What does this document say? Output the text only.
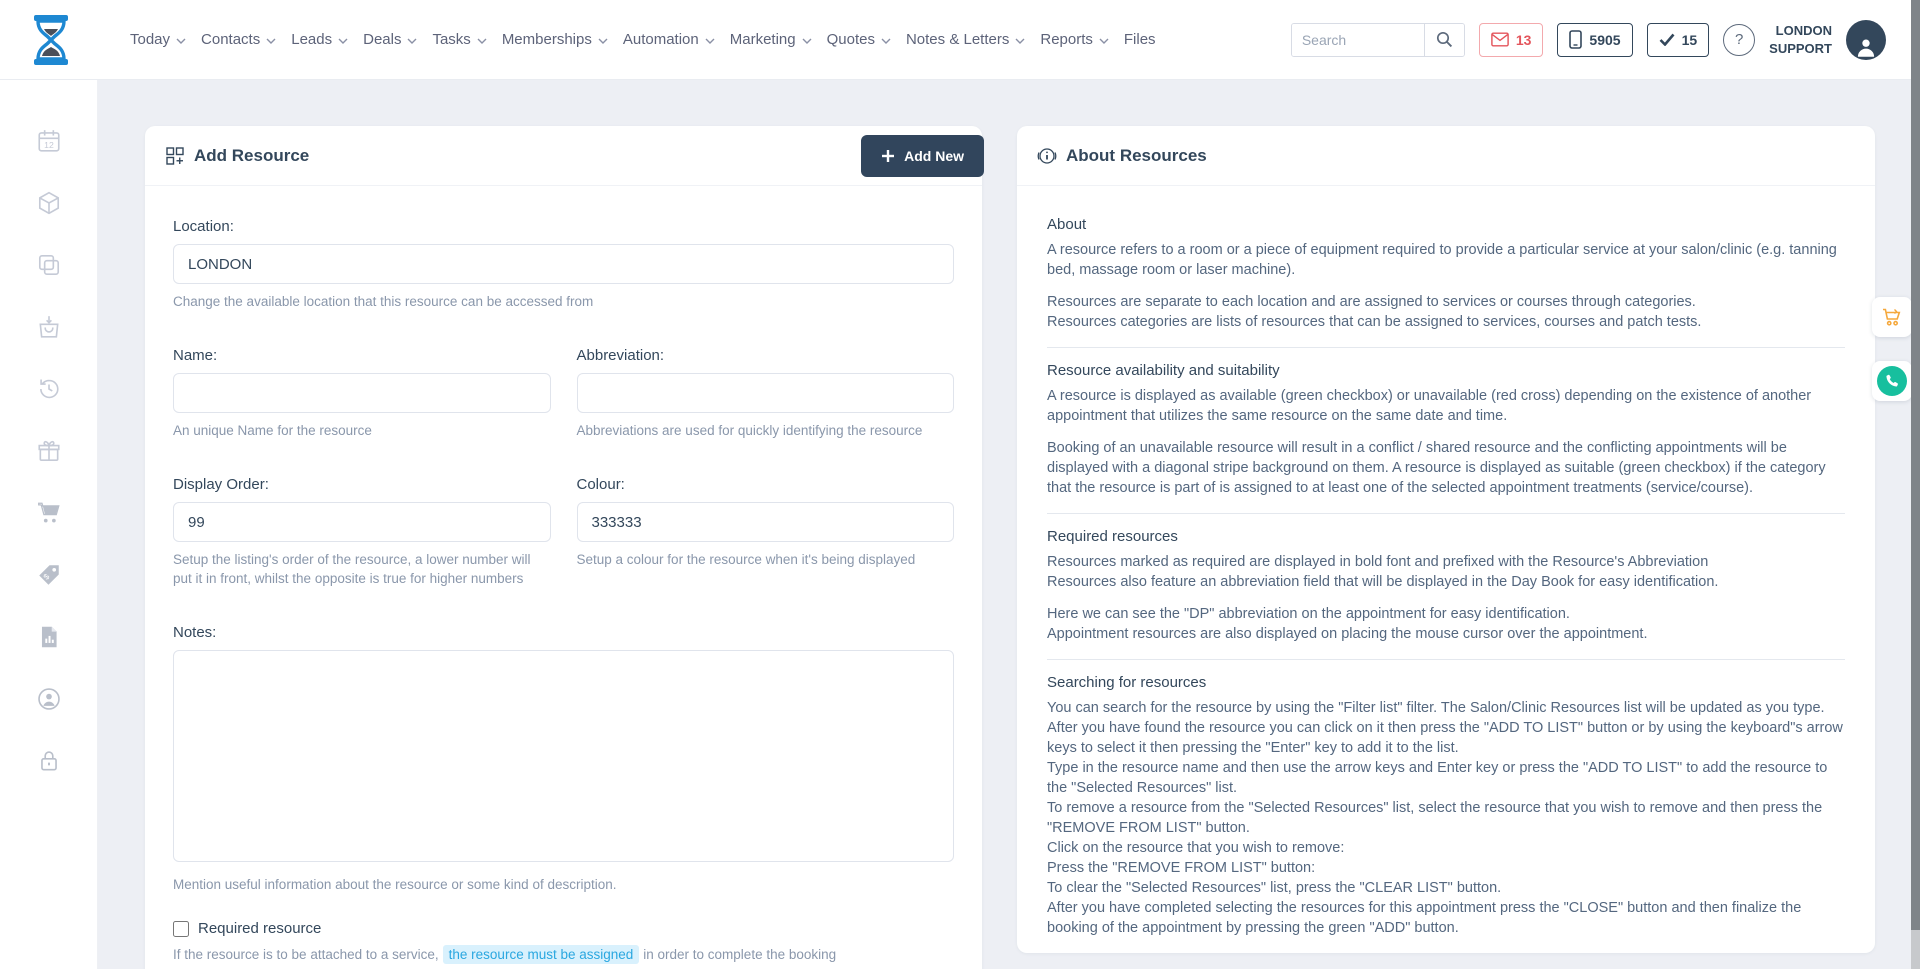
Today Contacts Leads Deals Tasks Memberships Automation Marketing Quotes Notes & Letters Reports Files
Search	13	5905	15	?
LONDON
SUPPORT
12
$
Add Resource	Add New
Location:
LONDON
Change the available location that this resource can be accessed from
Name:
An unique Name for the resource
Abbreviation:
Abbreviations are used for quickly identifying the resource
Display Order:
99
Setup the listing's order of the resource, a lower number will put it in front, whilst the opposite is true for higher numbers
Colour:
333333
Setup a colour for the resource when it's being displayed
Notes:
Mention useful information about the resource or some kind of description.
Required resource
If the resource is to be attached to a service, the resource must be assigned in order to complete the booking
About Resources
About

A resource refers to a room or a piece of equipment required to provide a particular service at your salon/clinic (e.g. tanning bed, massage room or laser machine).

Resources are separate to each location and are assigned to services or courses through categories.

Resources categories are lists of resources that can be assigned to services, courses and patch tests.

Resource availability and suitability

A resource is displayed as available (green checkbox) or unavailable (red cross) depending on the existence of another appointment that utilizes the same resource on the same date and time.

Booking of an unavailable resource will result in a conflict / shared resource and the conflicting appointments will be displayed with a diagonal stripe background on them. A resource is displayed as suitable (green checkbox) if the category that the resource is part of is assigned to at least one of the selected appointment treatments (service/course).

Required resources

Resources marked as required are displayed in bold font and prefixed with the Resource's Abbreviation

Resources also feature an abbreviation field that will be displayed in the Day Book for easy identification.

Here we can see the "DP" abbreviation on the appointment for easy identification.

Appointment resources are also displayed on placing the mouse cursor over the appointment.

Searching for resources

You can search for the resource by using the "Filter list" filter. The Salon/Clinic Resources list will be updated as you type.

After you have found the resource you can click on it then press the "ADD TO LIST" button or by using the keyboard"s arrow keys to select it then pressing the "Enter" key to add it to the list.

Type in the resource name and then use the arrow keys and Enter key or press the "ADD TO LIST" to add the resource to the "Selected Resources" list.

To remove a resource from the "Selected Resources" list, select the resource that you wish to remove and then press the "REMOVE FROM LIST" button.

Click on the resource that you wish to remove:

Press the "REMOVE FROM LIST" button:

To clear the "Selected Resources" list, press the "CLEAR LIST" button.

After you have completed selecting the resources for this appointment press the "CLOSE" button and then finalize the booking of the appointment by pressing the green "ADD" button.
